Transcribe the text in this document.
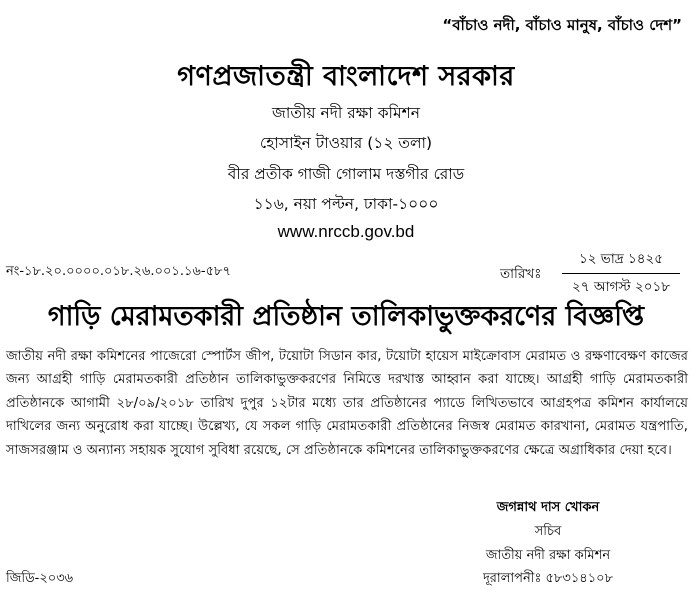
“বাঁচাও নদী, বাঁচাও মানুষ, বাঁচাও দেশ”
গণপ্রজাতন্ত্রী বাংলাদেশ সরকার
জাতীয় নদী রক্ষা কমিশন
হোসাইন টাওয়ার (১২ তলা)
বীর প্রতীক গাজী গোলাম দস্তগীর রোড
১১৬, নয়া পল্টন, ঢাকা-১০০০
www.nrccb.gov.bd
নং-১৮.২০.০০০০.০১৮.২৬.০০১.১৬-৫৮৭	তারিখঃ
১২ ভাদ্র ১৪২৫
২৭ আগস্ট ২০১৮
গাড়ি মেরামতকারী প্রতিষ্ঠান তালিকাভুক্তকরণের বিজ্ঞপ্তি
জাতীয় নদী রক্ষা কমিশনের পাজেরো স্পোর্টস জীপ, টয়োটা সিডান কার, টয়োটা হায়েস মাইক্রোবাস মেরামত ও রক্ষণাবেক্ষণ কাজের জন্য আগ্রহী গাড়ি মেরামতকারী প্রতিষ্ঠান তালিকাভুক্তকরণের নিমিত্তে দরখাস্ত আহ্বান করা যাচ্ছে। আগ্রহী গাড়ি মেরামতকারী প্রতিষ্ঠানকে আগামী ২৮/০৯/২০১৮ তারিখ দুপুর ১২টার মধ্যে তার প্রতিষ্ঠানের প্যাডে লিখিতভাবে আগ্রহপত্র কমিশন কার্যালয়ে দাখিলের জন্য অনুরোধ করা যাচ্ছে। উল্লেখ্য, যে সকল গাড়ি মেরামতকারী প্রতিষ্ঠানের নিজস্ব মেরামত কারখানা, মেরামত যন্ত্রপাতি, সাজসরঞ্জাম ও অন্যান্য সহায়ক সুযোগ সুবিধা রয়েছে, সে প্রতিষ্ঠানকে কমিশনের তালিকাভুক্তকরণের ক্ষেত্রে অগ্রাধিকার দেয়া হবে।
জগন্নাথ দাস খোকন
সচিব
জাতীয় নদী রক্ষা কমিশন
দূরালাপনীঃ ৫৮৩১৪১০৮
জিডি-২০৩৬
